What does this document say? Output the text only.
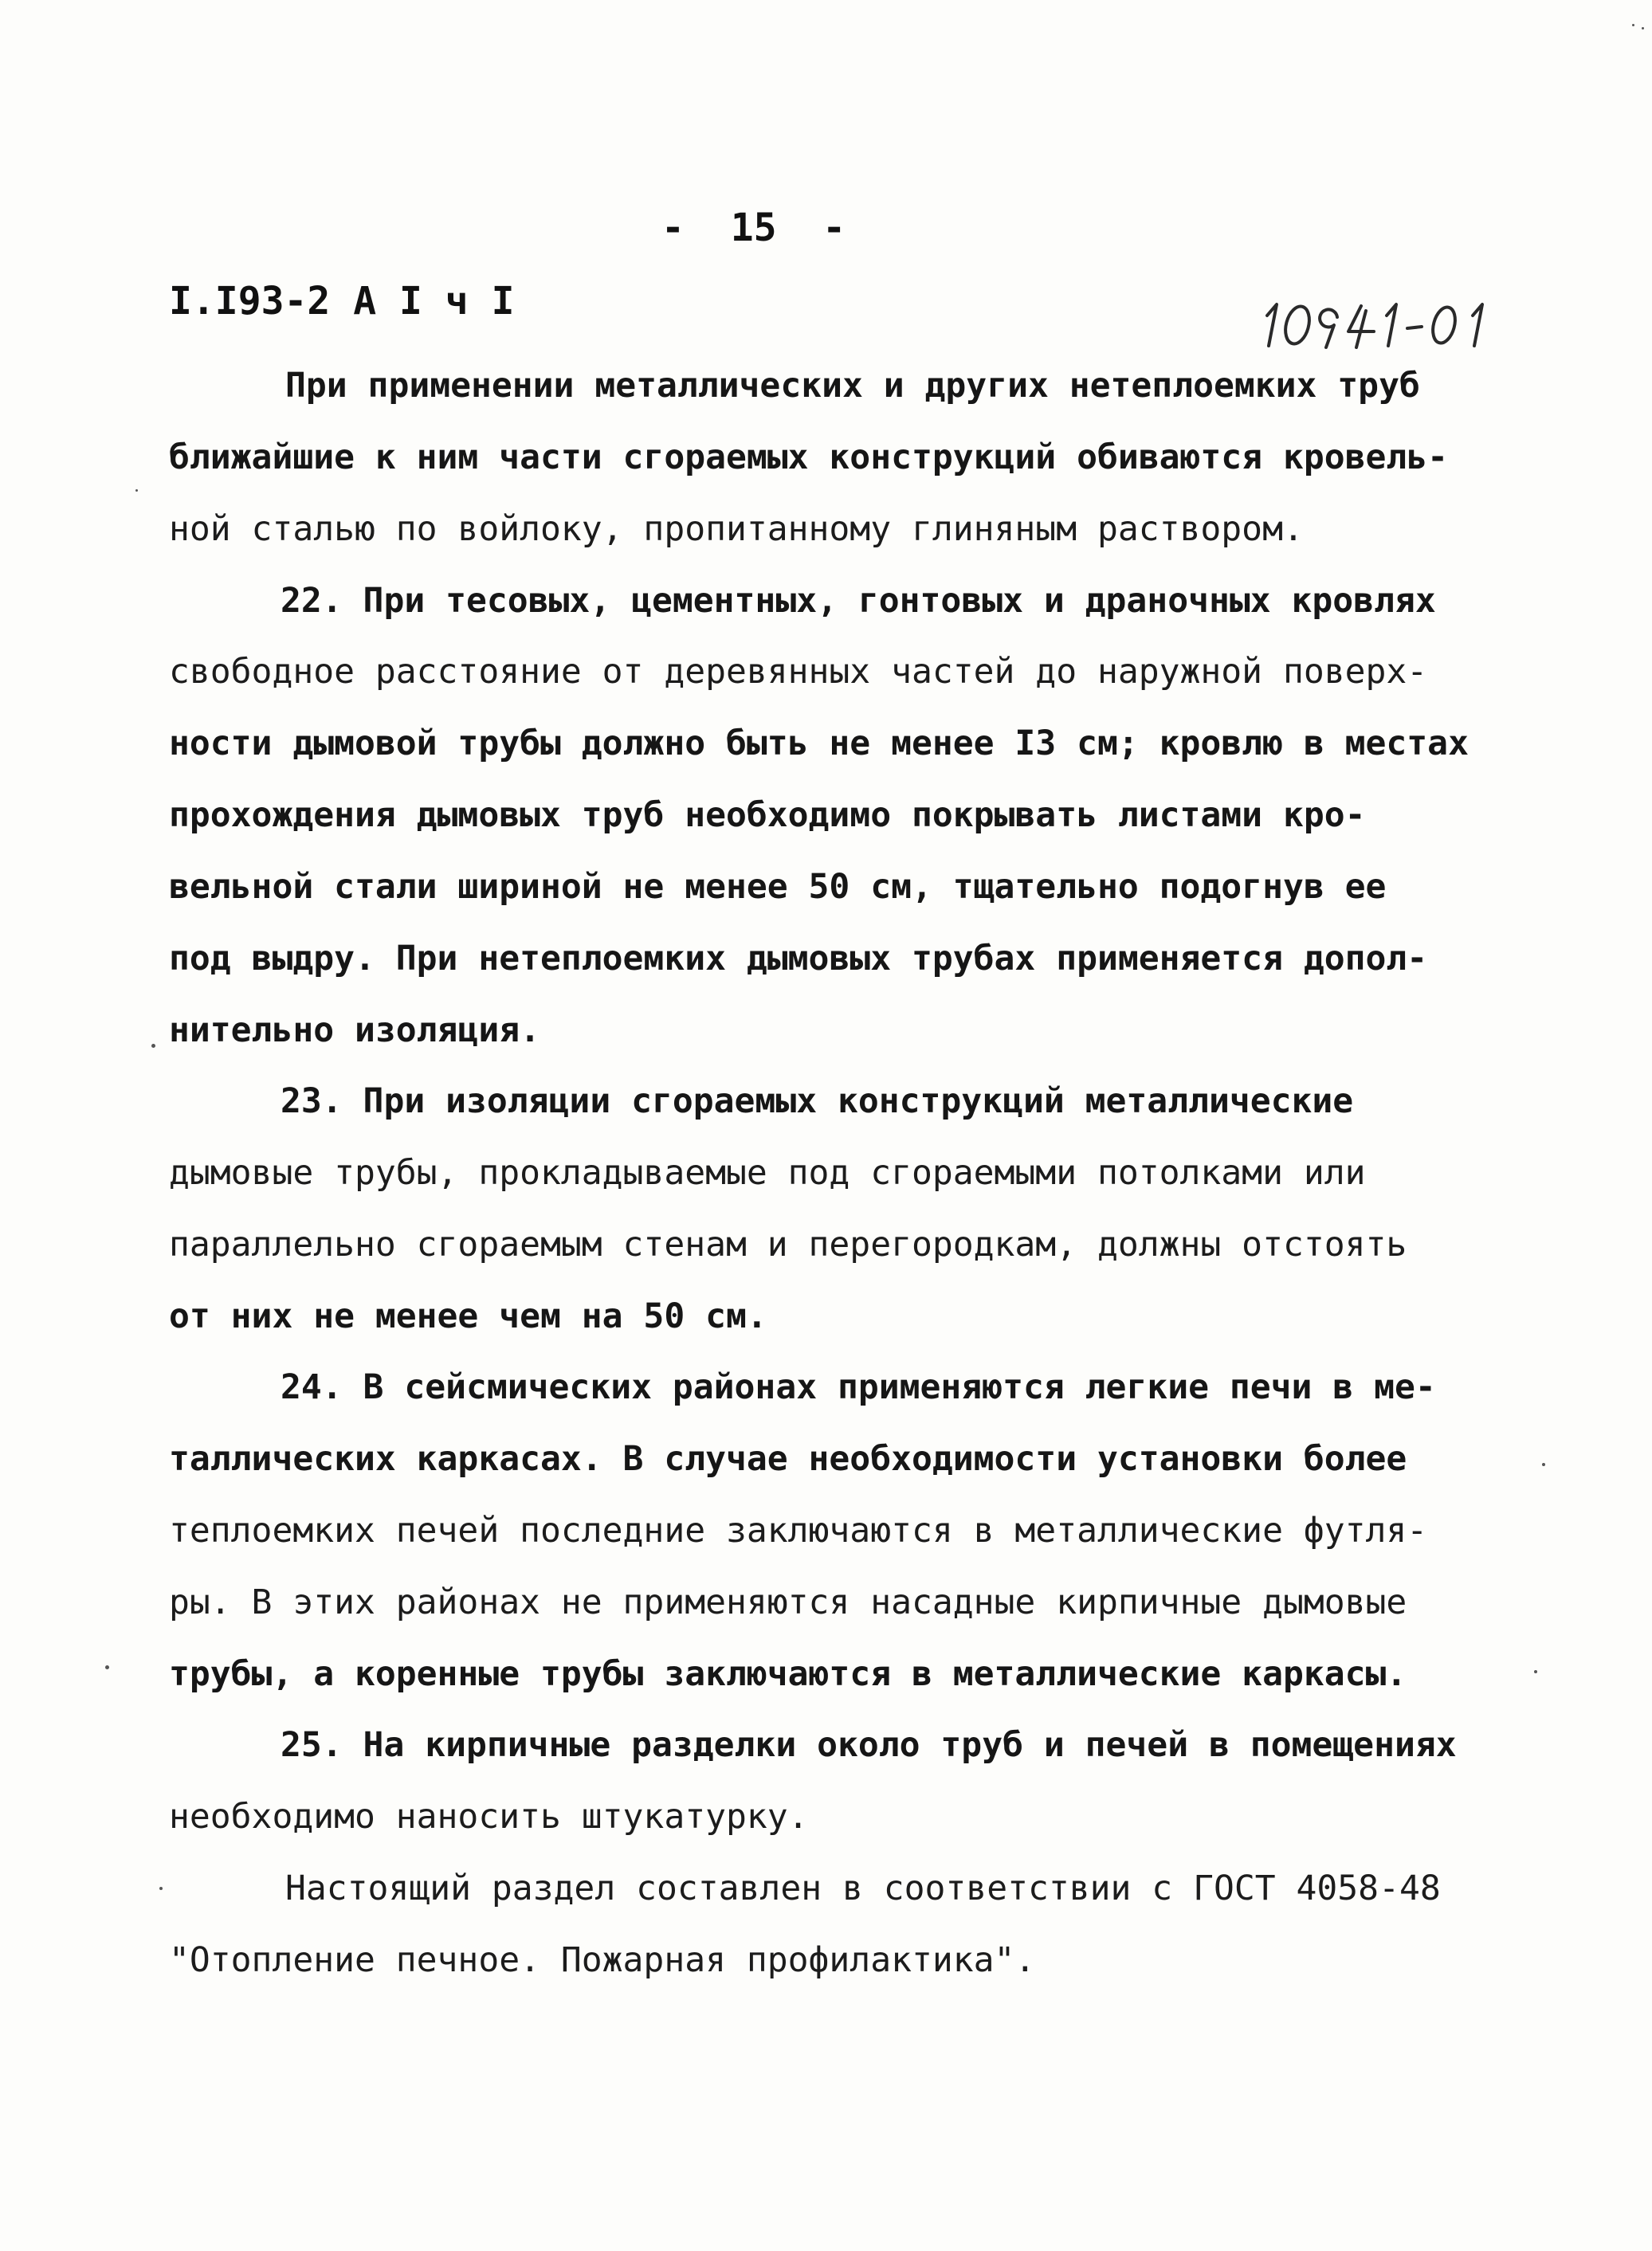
-  15  -
I.I93-2 А I ч I
При применении металлических и других нетеплоемких труб
ближайшие к ним части сгораемых конструкций обиваются кровель-
ной сталью по войлоку, пропитанному глиняным раствором.
22. При тесовых, цементных, гонтовых и драночных кровлях
свободное расстояние от деревянных частей до наружной поверх-
ности дымовой трубы должно быть не менее I3 см; кровлю в местах
прохождения дымовых труб необходимо покрывать листами кро-
вельной стали шириной не менее 50 см, тщательно подогнув ее
под выдру. При нетеплоемких дымовых трубах применяется допол-
нительно изоляция.
23. При изоляции сгораемых конструкций металлические
дымовые трубы, прокладываемые под сгораемыми потолками или
параллельно сгораемым стенам и перегородкам, должны отстоять
от них не менее чем на 50 см.
24. В сейсмических районах применяются легкие печи в ме-
таллических каркасах. В случае необходимости установки более
теплоемких печей последние заключаются в металлические футля-
ры. В этих районах не применяются насадные кирпичные дымовые
трубы, а коренные трубы заключаются в металлические каркасы.
25. На кирпичные разделки около труб и печей в помещениях
необходимо наносить штукатурку.
Настоящий раздел составлен в соответствии с ГОСТ 4058-48
"Отопление печное. Пожарная профилактика".
